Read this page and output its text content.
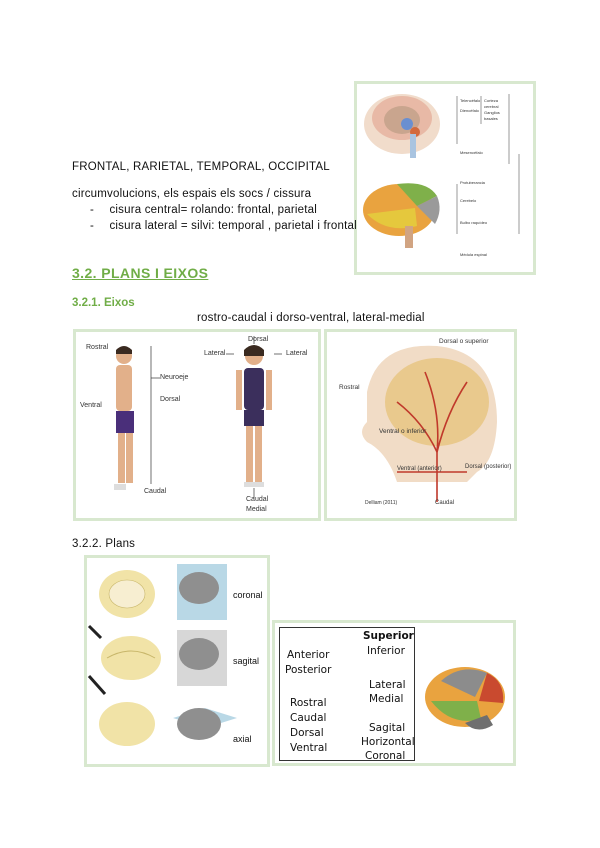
Telencéfalo
Diencéfalo
Corteza
cerebral
Ganglios
basales
Mesencéfalo
Protuberancia
Cerebelo
Bulbo raquídeo
Médula espinal
FRONTAL, RARIETAL, TEMPORAL, OCCIPITAL
circumvolucions, els espais els socs / cissura
- cisura central= rolando: frontal, parietal
- cisura lateral = silvi: temporal , parietal i frontal
3.2. PLANS I EIXOS
3.2.1. Eixos
rostro-caudal i dorso-ventral, lateral-medial
Rostral
Ventral
Neuroeje
Dorsal
Caudal
Dorsal
Lateral	Lateral
Caudal
Medial
Dorsal o superior
Rostral
Ventral o inferior
Ventral (anterior)	Dorsal (posterior)
Caudal
Delliam (2011)
3.2.2. Plans
coronal
sagital
axial
Anterior
Posterior
Rostral
Caudal
Dorsal
Ventral
Superior
Inferior
Lateral
Medial
Sagital
Horizontal
Coronal
